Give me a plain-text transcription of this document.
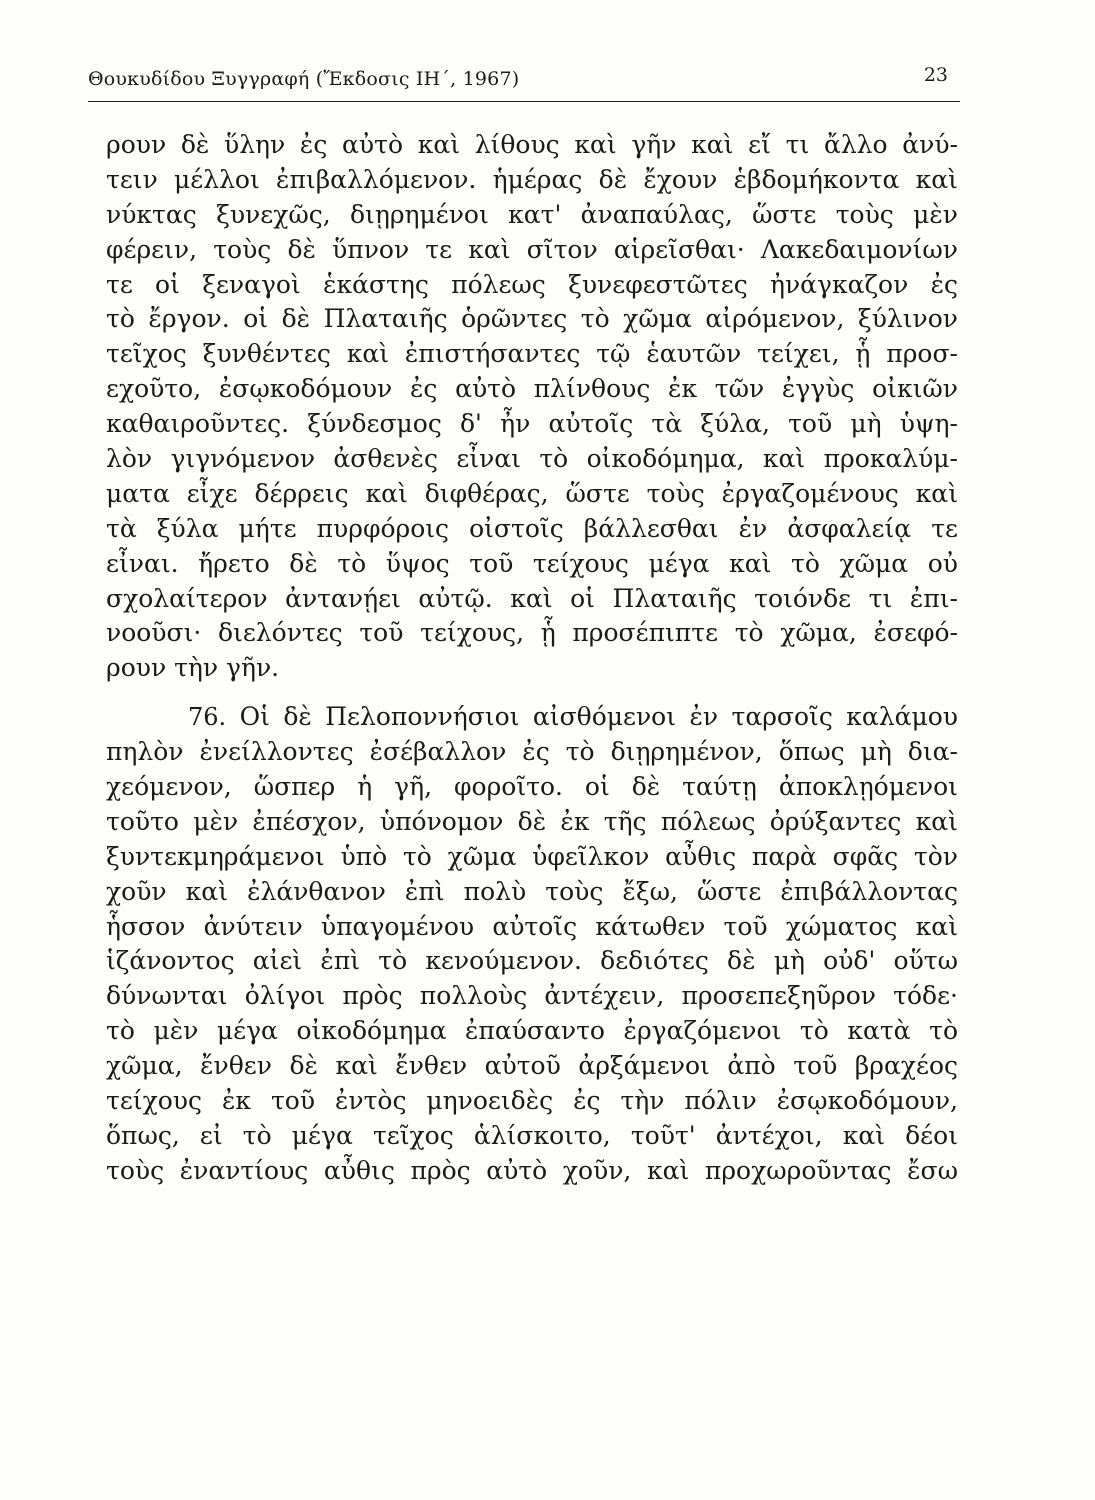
Θουκυδίδου Ξυγγραφή (Ἔκδοσις ΙΗ΄, 1967)	23
ρουν δὲ ὕλην ἐς αὐτὸ καὶ λίθους καὶ γῆν καὶ εἴ τι ἄλλο ἀνύ-
τειν μέλλοι ἐπιβαλλόμενον. ἡμέρας δὲ ἔχουν ἑβδομήκοντα καὶ
νύκτας ξυνεχῶς, διῃρημένοι κατ' ἀναπαύλας, ὥστε τοὺς μὲν
φέρειν, τοὺς δὲ ὕπνον τε καὶ σῖτον αἱρεῖσθαι· Λακεδαιμονίων
τε οἱ ξεναγοὶ ἑκάστης πόλεως ξυνεφεστῶτες ἠνάγκαζον ἐς
τὸ ἔργον. οἱ δὲ Πλαταιῆς ὁρῶντες τὸ χῶμα αἰρόμενον, ξύλινον
τεῖχος ξυνθέντες καὶ ἐπιστήσαντες τῷ ἑαυτῶν τείχει, ᾗ προσ-
εχοῦτο, ἐσῳκοδόμουν ἐς αὐτὸ πλίνθους ἐκ τῶν ἐγγὺς οἰκιῶν
καθαιροῦντες. ξύνδεσμος δ' ἦν αὐτοῖς τὰ ξύλα, τοῦ μὴ ὑψη-
λὸν γιγνόμενον ἀσθενὲς εἶναι τὸ οἰκοδόμημα, καὶ προκαλύμ-
ματα εἶχε δέρρεις καὶ διφθέρας, ὥστε τοὺς ἐργαζομένους καὶ
τὰ ξύλα μήτε πυρφόροις οἰστοῖς βάλλεσθαι ἐν ἀσφαλείᾳ τε
εἶναι. ἤρετο δὲ τὸ ὕψος τοῦ τείχους μέγα καὶ τὸ χῶμα οὐ
σχολαίτερον ἀντανῄει αὐτῷ. καὶ οἱ Πλαταιῆς τοιόνδε τι ἐπι-
νοοῦσι· διελόντες τοῦ τείχους, ᾗ προσέπιπτε τὸ χῶμα, ἐσεφό-
ρουν τὴν γῆν.
76. Οἱ δὲ Πελοποννήσιοι αἰσθόμενοι ἐν ταρσοῖς καλάμου
πηλὸν ἐνείλλοντες ἐσέβαλλον ἐς τὸ διῃρημένον, ὅπως μὴ δια-
χεόμενον, ὥσπερ ἡ γῆ, φοροῖτο. οἱ δὲ ταύτῃ ἀποκλῃόμενοι
τοῦτο μὲν ἐπέσχον, ὑπόνομον δὲ ἐκ τῆς πόλεως ὀρύξαντες καὶ
ξυντεκμηράμενοι ὑπὸ τὸ χῶμα ὑφεῖλκον αὖθις παρὰ σφᾶς τὸν
χοῦν καὶ ἐλάνθανον ἐπὶ πολὺ τοὺς ἔξω, ὥστε ἐπιβάλλοντας
ἧσσον ἀνύτειν ὑπαγομένου αὐτοῖς κάτωθεν τοῦ χώματος καὶ
ἱζάνοντος αἰεὶ ἐπὶ τὸ κενούμενον. δεδιότες δὲ μὴ οὐδ' οὕτω
δύνωνται ὀλίγοι πρὸς πολλοὺς ἀντέχειν, προσεπεξηῦρον τόδε·
τὸ μὲν μέγα οἰκοδόμημα ἐπαύσαντο ἐργαζόμενοι τὸ κατὰ τὸ
χῶμα, ἔνθεν δὲ καὶ ἔνθεν αὐτοῦ ἀρξάμενοι ἀπὸ τοῦ βραχέος
τείχους ἐκ τοῦ ἐντὸς μηνοειδὲς ἐς τὴν πόλιν ἐσῳκοδόμουν,
ὅπως, εἰ τὸ μέγα τεῖχος ἁλίσκοιτο, τοῦτ' ἀντέχοι, καὶ δέοι
τοὺς ἐναντίους αὖθις πρὸς αὐτὸ χοῦν, καὶ προχωροῦντας ἔσω
